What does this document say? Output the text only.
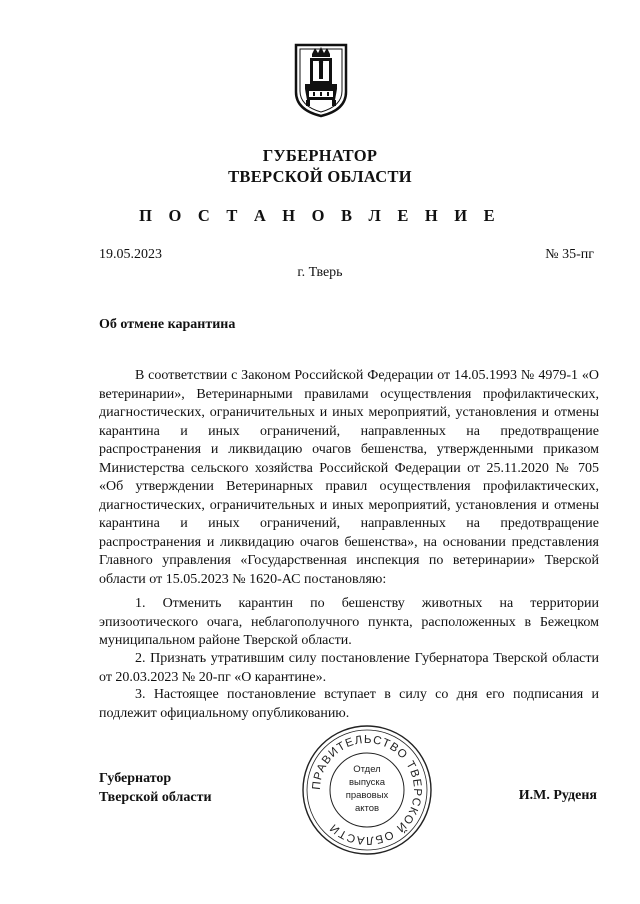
ГУБЕРНАТОР
ТВЕРСКОЙ ОБЛАСТИ
П О С Т А Н О В Л Е Н И Е
19.05.2023	№ 35-пг
г. Тверь
Об отмене карантина

В соответствии с Законом Российской Федерации от 14.05.1993 № 4979-1 «О ветеринарии», Ветеринарными правилами осуществления профилактических, диагностических, ограничительных и иных мероприятий, установления и отмены карантина и иных ограничений, направленных на предотвращение распространения и ликвидацию очагов бешенства, утвержденными приказом Министерства сельского хозяйства Российской Федерации от 25.11.2020 № 705 «Об утверждении Ветеринарных правил осуществления профилактических, диагностических, ограничительных и иных мероприятий, установления и отмены карантина и иных ограничений, направленных на предотвращение распространения и ликвидацию очагов бешенства», на основании представления Главного управления «Государственная инспекция по ветеринарии» Тверской области от 15.05.2023 № 1620-АС постановляю:

1. Отменить карантин по бешенству животных на территории эпизоотического очага, неблагополучного пункта, расположенных в Бежецком муниципальном районе Тверской области.

2. Признать утратившим силу постановление Губернатора Тверской области от 20.03.2023 № 20-пг «О карантине».

3. Настоящее постановление вступает в силу со дня его подписания и подлежит официальному опубликованию.

Губернатор
Тверской области	И.М. Руденя
ПРАВИТЕЛЬСТВО ТВЕРСКОЙ ОБЛАСТИ
Отдел
выпуска
правовых
актов
